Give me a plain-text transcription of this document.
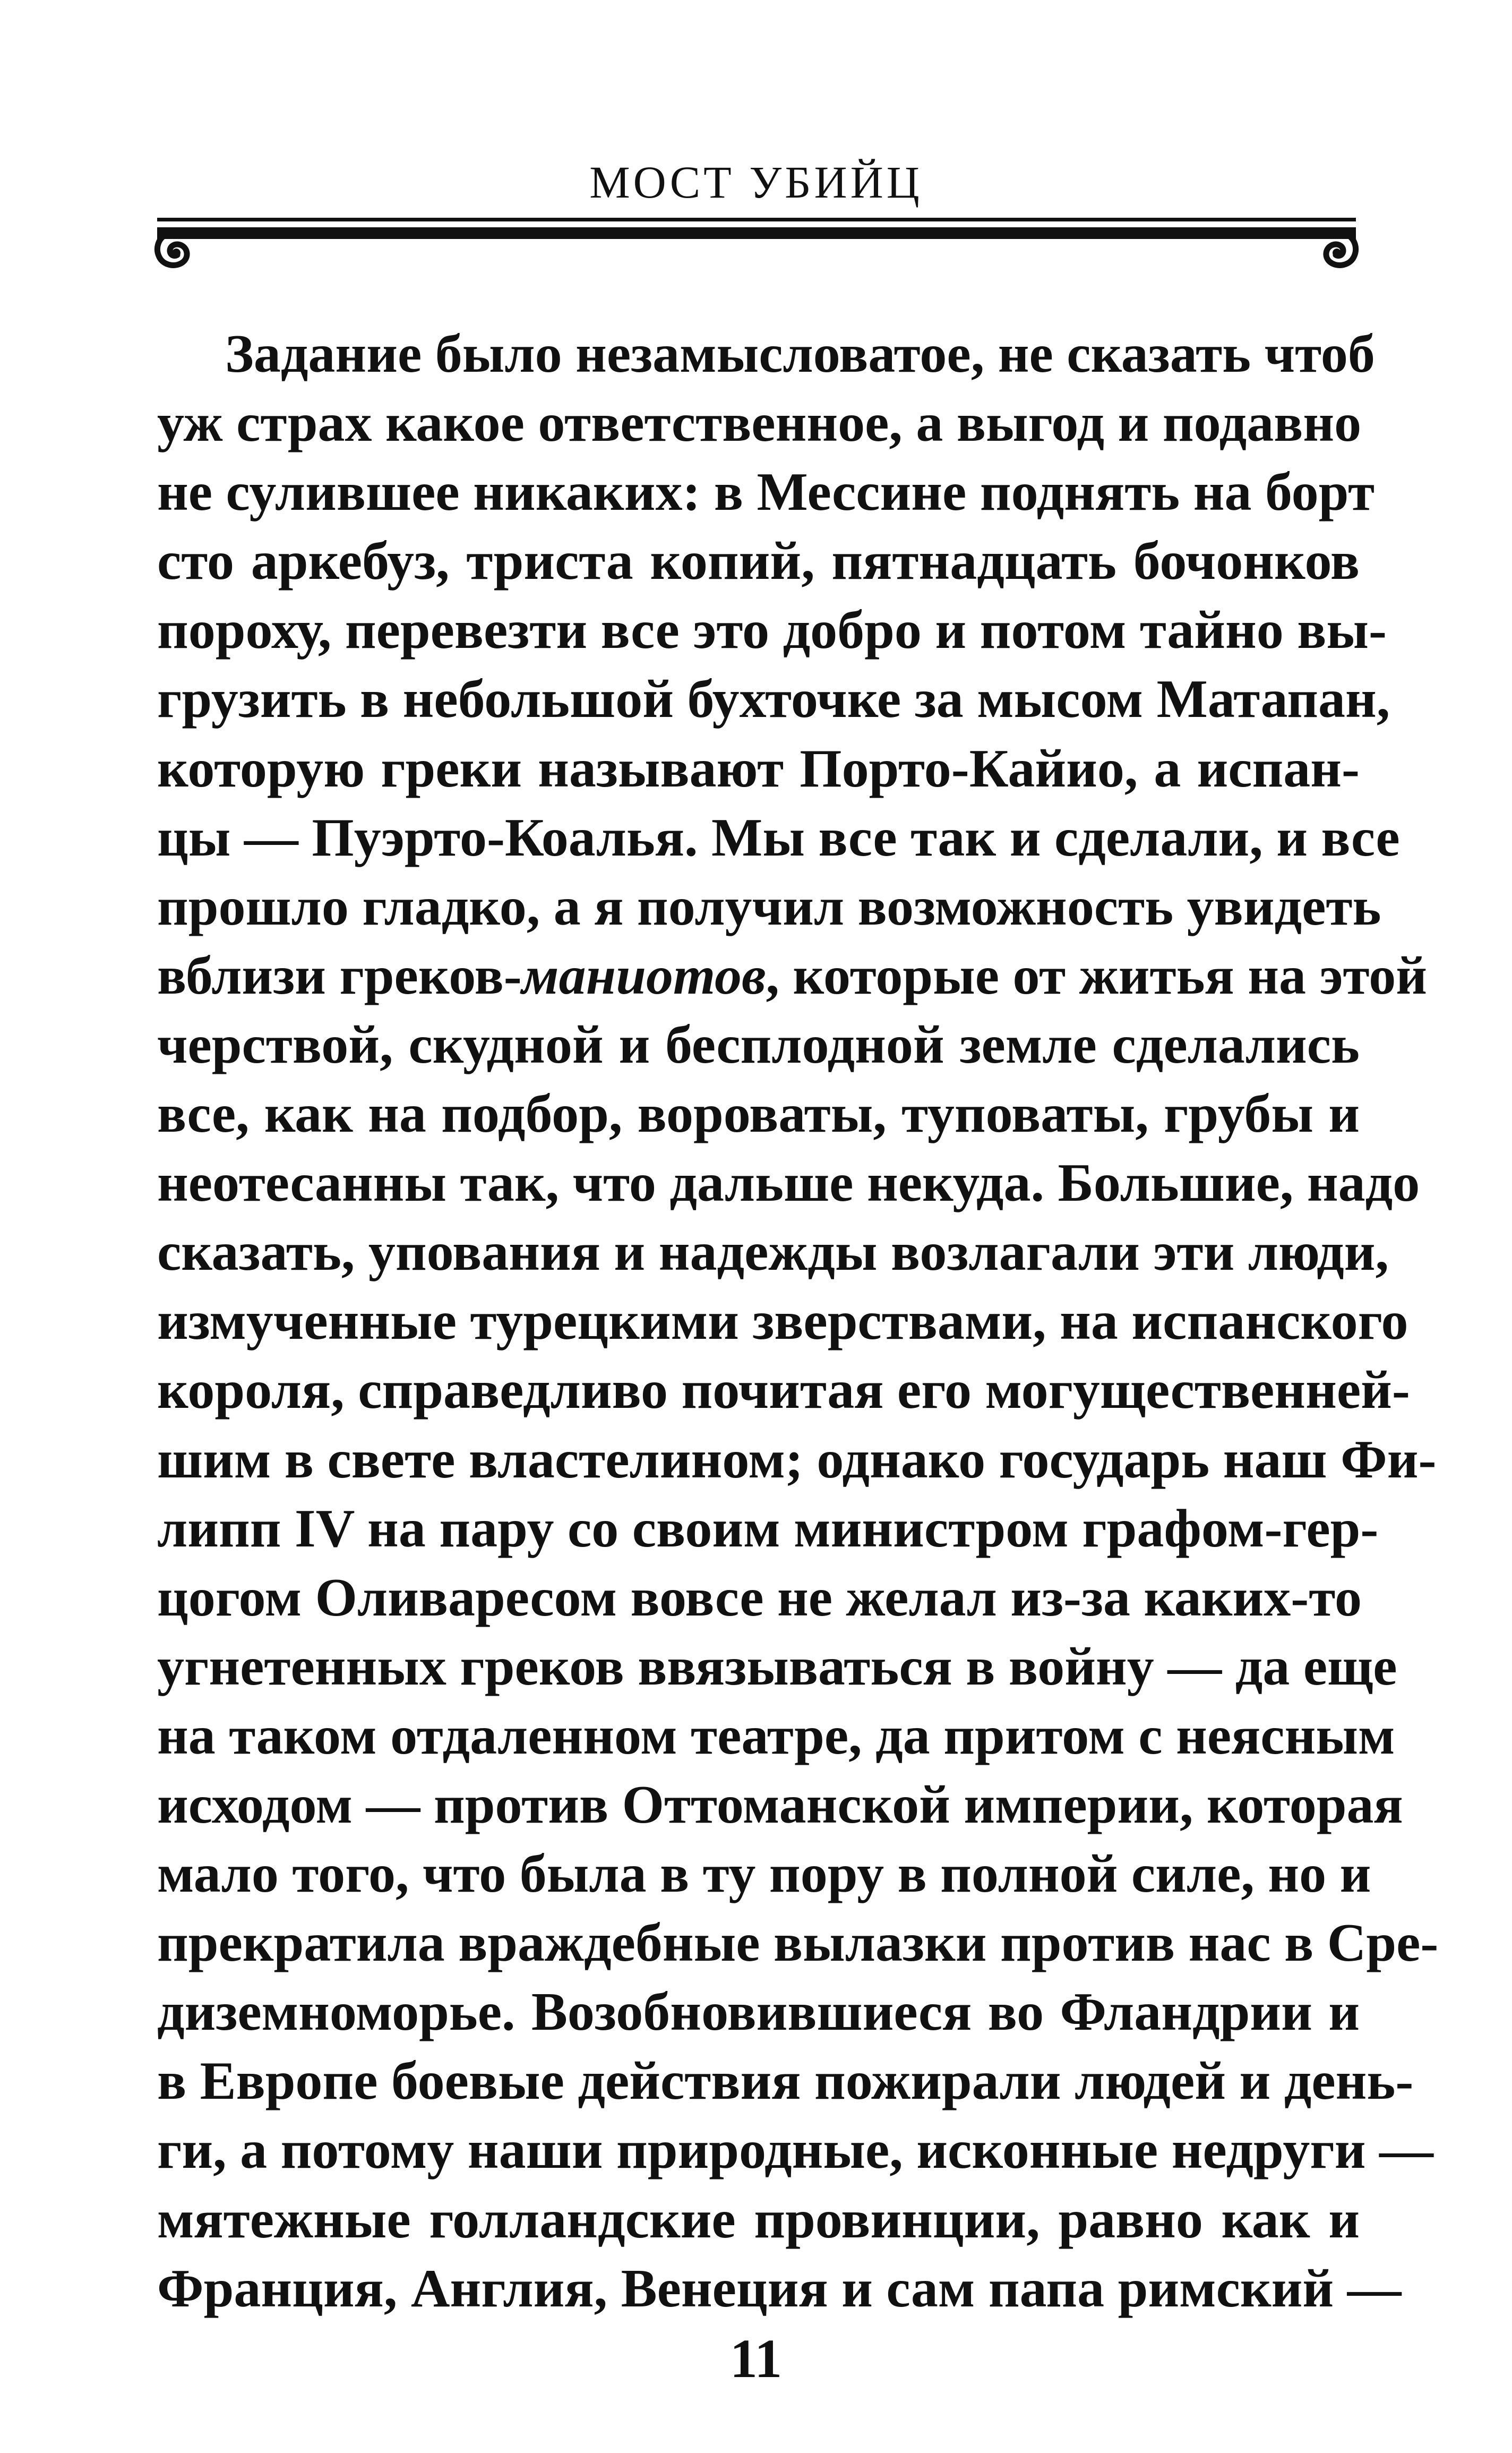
МОСТ УБИЙЦ
Задание было незамысловатое, не сказать чтоб
уж страх какое ответственное, а выгод и подавно
не сулившее никаких: в Мессине поднять на борт
сто аркебуз, триста копий, пятнадцать бочонков
пороху, перевезти все это добро и потом тайно вы-
грузить в небольшой бухточке за мысом Матапан,
которую греки называют Порто-Кайио, а испан-
цы — Пуэрто-Коалья. Мы все так и сделали, и все
прошло гладко, а я получил возможность увидеть
вблизи греков-маниотов, которые от житья на этой
черствой, скудной и бесплодной земле сделались
все, как на подбор, вороваты, туповаты, грубы и
неотесанны так, что дальше некуда. Большие, надо
сказать, упования и надежды возлагали эти люди,
измученные турецкими зверствами, на испанского
короля, справедливо почитая его могущественней-
шим в свете властелином; однако государь наш Фи-
липп IV на пару со своим министром графом-гер-
цогом Оливаресом вовсе не желал из-за каких-то
угнетенных греков ввязываться в войну — да еще
на таком отдаленном театре, да притом с неясным
исходом — против Оттоманской империи, которая
мало того, что была в ту пору в полной силе, но и
прекратила враждебные вылазки против нас в Сре-
диземноморье. Возобновившиеся во Фландрии и
в Европе боевые действия пожирали людей и день-
ги, а потому наши природные, исконные недруги —
мятежные голландские провинции, равно как и
Франция, Англия, Венеция и сам папа римский —
11
